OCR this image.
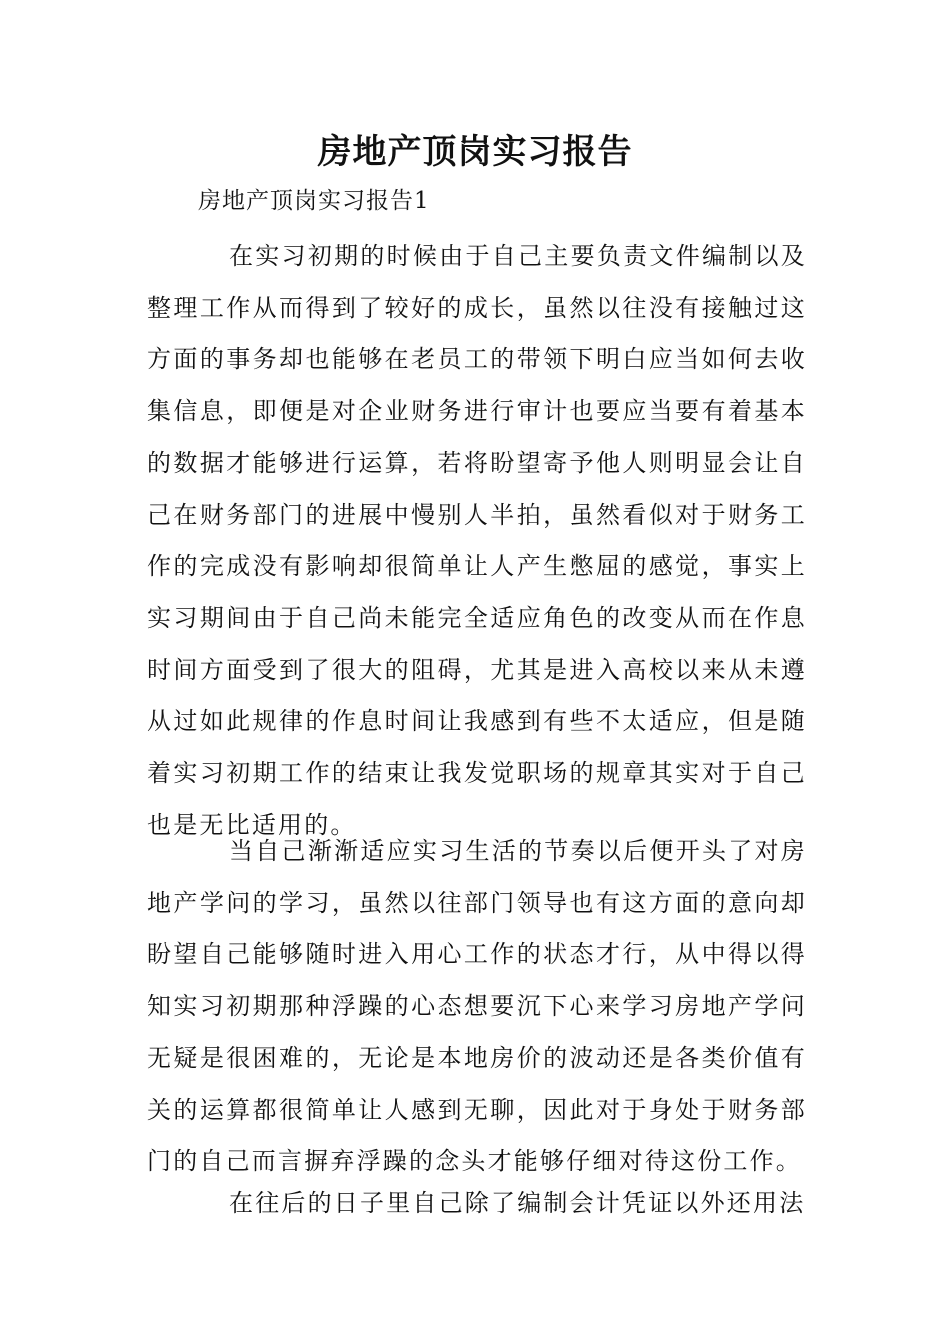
房地产顶岗实习报告

房地产顶岗实习报告1

在实习初期的时候由于自己主要负责文件编制以及整理工作从而得到了较好的成长，虽然以往没有接触过这方面的事务却也能够在老员工的带领下明白应当如何去收集信息，即便是对企业财务进行审计也要应当要有着基本的数据才能够进行运算，若将盼望寄予他人则明显会让自己在财务部门的进展中慢别人半拍，虽然看似对于财务工作的完成没有影响却很简单让人产生憋屈的感觉，事实上实习期间由于自己尚未能完全适应角色的改变从而在作息时间方面受到了很大的阻碍，尤其是进入高校以来从未遵从过如此规律的作息时间让我感到有些不太适应，但是随着实习初期工作的结束让我发觉职场的规章其实对于自己也是无比适用的。

当自己渐渐适应实习生活的节奏以后便开头了对房地产学问的学习，虽然以往部门领导也有这方面的意向却盼望自己能够随时进入用心工作的状态才行，从中得以得知实习初期那种浮躁的心态想要沉下心来学习房地产学问无疑是很困难的，无论是本地房价的波动还是各类价值有关的运算都很简单让人感到无聊，因此对于身处于财务部门的自己而言摒弃浮躁的念头才能够仔细对待这份工作。

在往后的日子里自己除了编制会计凭证以外还用法
